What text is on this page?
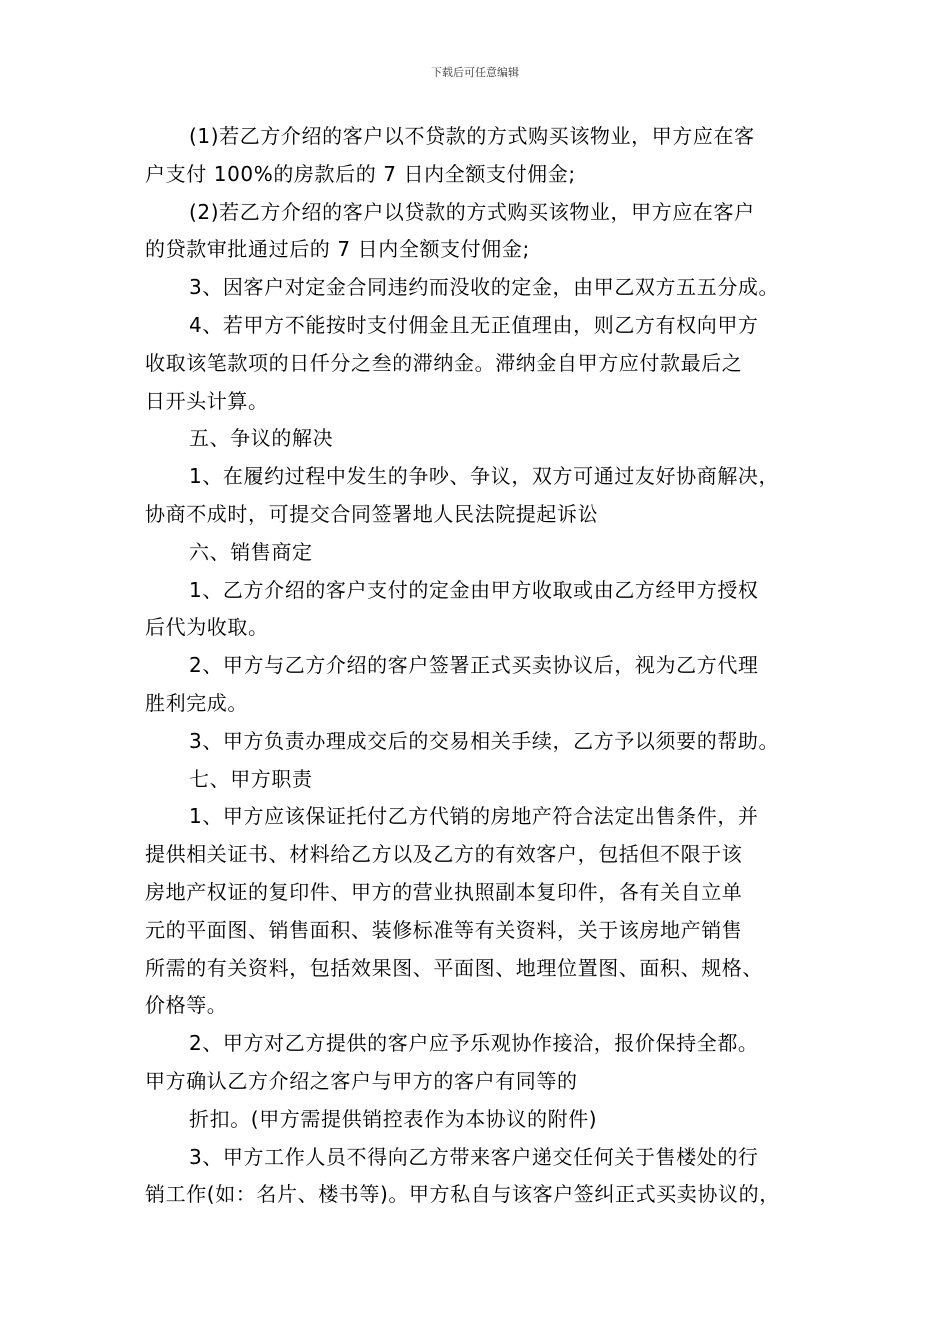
下载后可任意编辑
(1)若乙方介绍的客户以不贷款的方式购买该物业，甲方应在客
户支付 100%的房款后的 7 日内全额支付佣金;
(2)若乙方介绍的客户以贷款的方式购买该物业，甲方应在客户
的贷款审批通过后的 7 日内全额支付佣金;
3、因客户对定金合同违约而没收的定金，由甲乙双方五五分成。
4、若甲方不能按时支付佣金且无正值理由，则乙方有权向甲方
收取该笔款项的日仟分之叁的滞纳金。滞纳金自甲方应付款最后之
日开头计算。
五、争议的解决
1、在履约过程中发生的争吵、争议，双方可通过友好协商解决，
协商不成时，可提交合同签署地人民法院提起诉讼
六、销售商定
1、乙方介绍的客户支付的定金由甲方收取或由乙方经甲方授权
后代为收取。
2、甲方与乙方介绍的客户签署正式买卖协议后，视为乙方代理
胜利完成。
3、甲方负责办理成交后的交易相关手续，乙方予以须要的帮助。
七、甲方职责
1、甲方应该保证托付乙方代销的房地产符合法定出售条件，并
提供相关证书、材料给乙方以及乙方的有效客户，包括但不限于该
房地产权证的复印件、甲方的营业执照副本复印件，各有关自立单
元的平面图、销售面积、装修标准等有关资料，关于该房地产销售
所需的有关资料，包括效果图、平面图、地理位置图、面积、规格、
价格等。
2、甲方对乙方提供的客户应予乐观协作接洽，报价保持全都。
甲方确认乙方介绍之客户与甲方的客户有同等的
折扣。(甲方需提供销控表作为本协议的附件)
3、甲方工作人员不得向乙方带来客户递交任何关于售楼处的行
销工作(如：名片、楼书等)。甲方私自与该客户签纠正式买卖协议的，
